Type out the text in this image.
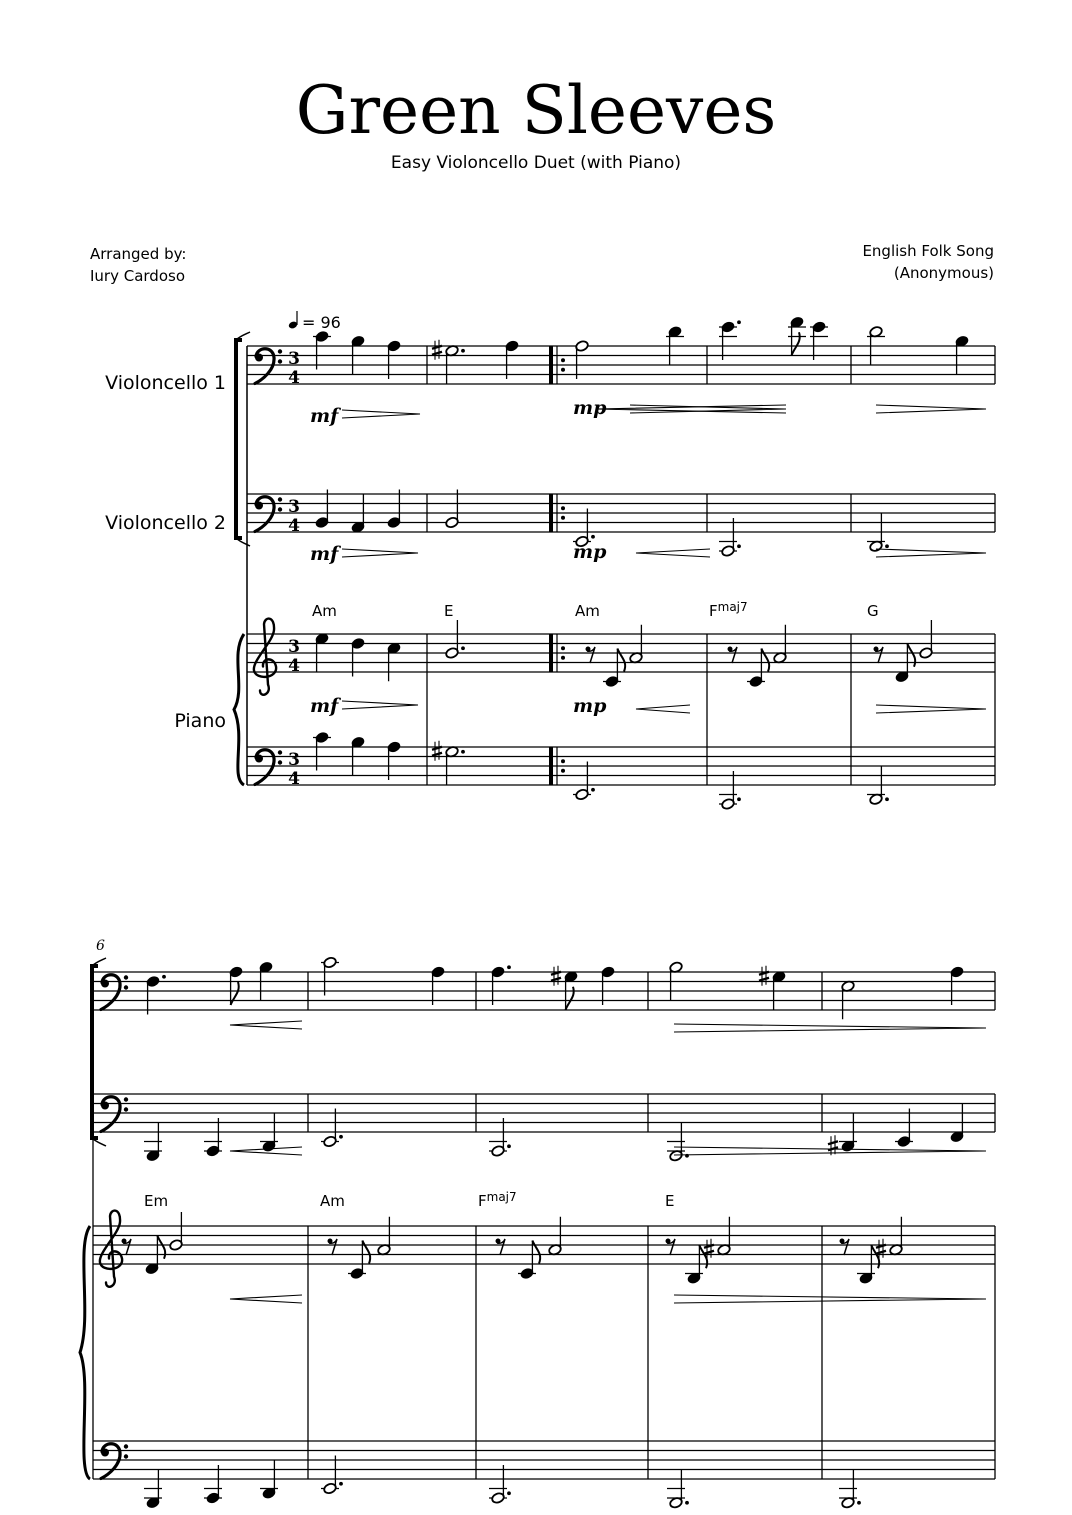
Green Sleeves
Easy Violoncello Duet (with Piano)
Arranged by:
Iury Cardoso
English Folk Song
(Anonymous)
Violoncello 1
Violoncello 2
Piano
= 96
3
4
3
4
3
4
3
4
mf	mp
mf	mp
mf	mp
Am	E	Am	$F^{maj7}$	G
6
Em	Am	$F^{maj7}$	E
